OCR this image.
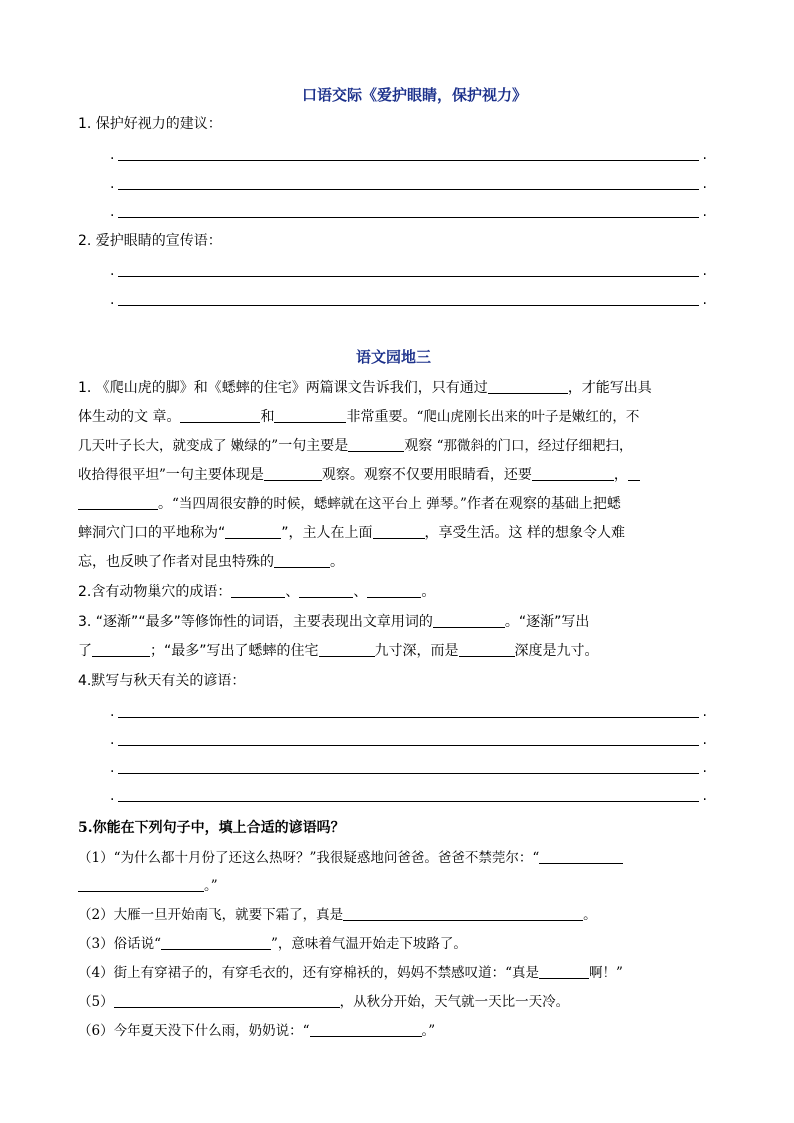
口语交际《爱护眼睛，保护视力》
1. 保护好视力的建议：
.	.
.	.
.	.
2. 爱护眼睛的宣传语：
.	.
.	.
语文园地三
1. 《爬山虎的脚》和《蟋蟀的住宅》两篇课文告诉我们，只有通过	，才能写出具
体生动的文 章。	和	非常重要。“爬山虎刚长出来的叶子是嫩红的，不
几天叶子长大，就变成了 嫩绿的”一句主要是	观察 “那微斜的门口，经过仔细耙扫，
收拾得很平坦”一句主要体现是	观察。观察不仅要用眼睛看，还要	，
。“当四周很安静的时候，蟋蟀就在这平台上 弹琴。”作者在观察的基础上把蟋
蟀洞穴门口的平地称为“	”，主人在上面	，享受生活。这 样的想象令人难
忘，也反映了作者对昆虫特殊的	。
2.含有动物巢穴的成语：	、	、	。
3. “逐渐”“最多”等修饰性的词语，主要表现出文章用词的	。“逐渐”写出
了	；“最多”写出了蟋蟀的住宅	九寸深，而是	深度是九寸。
4.默写与秋天有关的谚语：
.	.
.	.
.	.
.	.
5.你能在下列句子中，填上合适的谚语吗？
（1）“为什么都十月份了还这么热呀？”我很疑惑地问爸爸。爸爸不禁莞尔：“
。”
（2）大雁一旦开始南飞，就要下霜了，真是	。
（3）俗话说“	”，意味着气温开始走下坡路了。
（4）街上有穿裙子的，有穿毛衣的，还有穿棉袄的，妈妈不禁感叹道：“真是	啊！”
（5）	，从秋分开始，天气就一天比一天冷。
（6）今年夏天没下什么雨，奶奶说：“	。”
